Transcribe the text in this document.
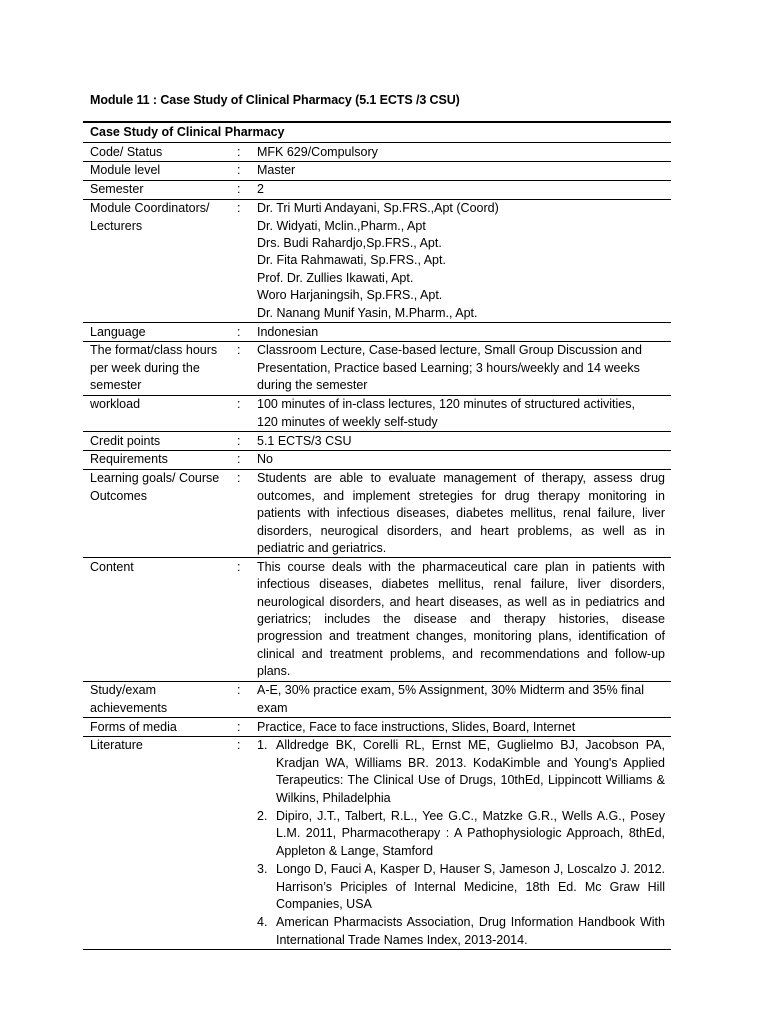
Module 11 : Case Study of Clinical Pharmacy (5.1 ECTS /3 CSU)
Case Study of Clinical Pharmacy
Code/ Status	:	MFK 629/Compulsory
Module level	:	Master
Semester	:	2
Module Coordinators/
Lecturers
:	Dr. Tri Murti Andayani, Sp.FRS.,Apt (Coord)
Dr. Widyati, Mclin.,Pharm., Apt
Drs. Budi Rahardjo,Sp.FRS., Apt.
Dr. Fita Rahmawati, Sp.FRS., Apt.
Prof. Dr. Zullies Ikawati, Apt.
Woro Harjaningsih, Sp.FRS., Apt.
Dr. Nanang Munif Yasin, M.Pharm., Apt.
Language	:	Indonesian
The format/class hours
per week during the
semester
:	Classroom Lecture, Case-based lecture, Small Group Discussion and
Presentation, Practice based Learning; 3 hours/weekly and 14 weeks
during the semester
workload	:	100 minutes of in-class lectures, 120 minutes of structured activities,
120 minutes of weekly self-study
Credit points	:	5.1 ECTS/3 CSU
Requirements	:	No
Learning goals/ Course
Outcomes
:	Students are able to evaluate management of therapy, assess drug outcomes, and implement stretegies for drug therapy monitoring in patients with infectious diseases, diabetes mellitus, renal failure, liver disorders, neurogical disorders, and heart problems, as well as in pediatric and geriatrics.
Content	:	This course deals with the pharmaceutical care plan in patients with infectious diseases, diabetes mellitus, renal failure, liver disorders, neurological disorders, and heart diseases, as well as in pediatrics and geriatrics; includes the disease and therapy histories, disease progression and treatment changes, monitoring plans, identification of clinical and treatment problems, and recommendations and follow-up plans.
Study/exam
achievements
:	A-E, 30% practice exam, 5% Assignment, 30% Midterm and 35% final
exam
Forms of media	:	Practice, Face to face instructions, Slides, Board, Internet
Literature	:	1. Alldredge BK, Corelli RL, Ernst ME, Guglielmo BJ, Jacobson PA, Kradjan WA, Williams BR. 2013. KodaKimble and Young's Applied Terapeutics: The Clinical Use of Drugs, 10thEd, Lippincott Williams & Wilkins, Philadelphia
2. Dipiro, J.T., Talbert, R.L., Yee G.C., Matzke G.R., Wells A.G., Posey L.M. 2011, Pharmacotherapy : A Pathophysiologic Approach, 8thEd, Appleton & Lange, Stamford
3. Longo D, Fauci A, Kasper D, Hauser S, Jameson J, Loscalzo J. 2012. Harrison’s Priciples of Internal Medicine, 18th Ed. Mc Graw Hill Companies, USA
4. American Pharmacists Association, Drug Information Handbook With International Trade Names Index, 2013-2014.
